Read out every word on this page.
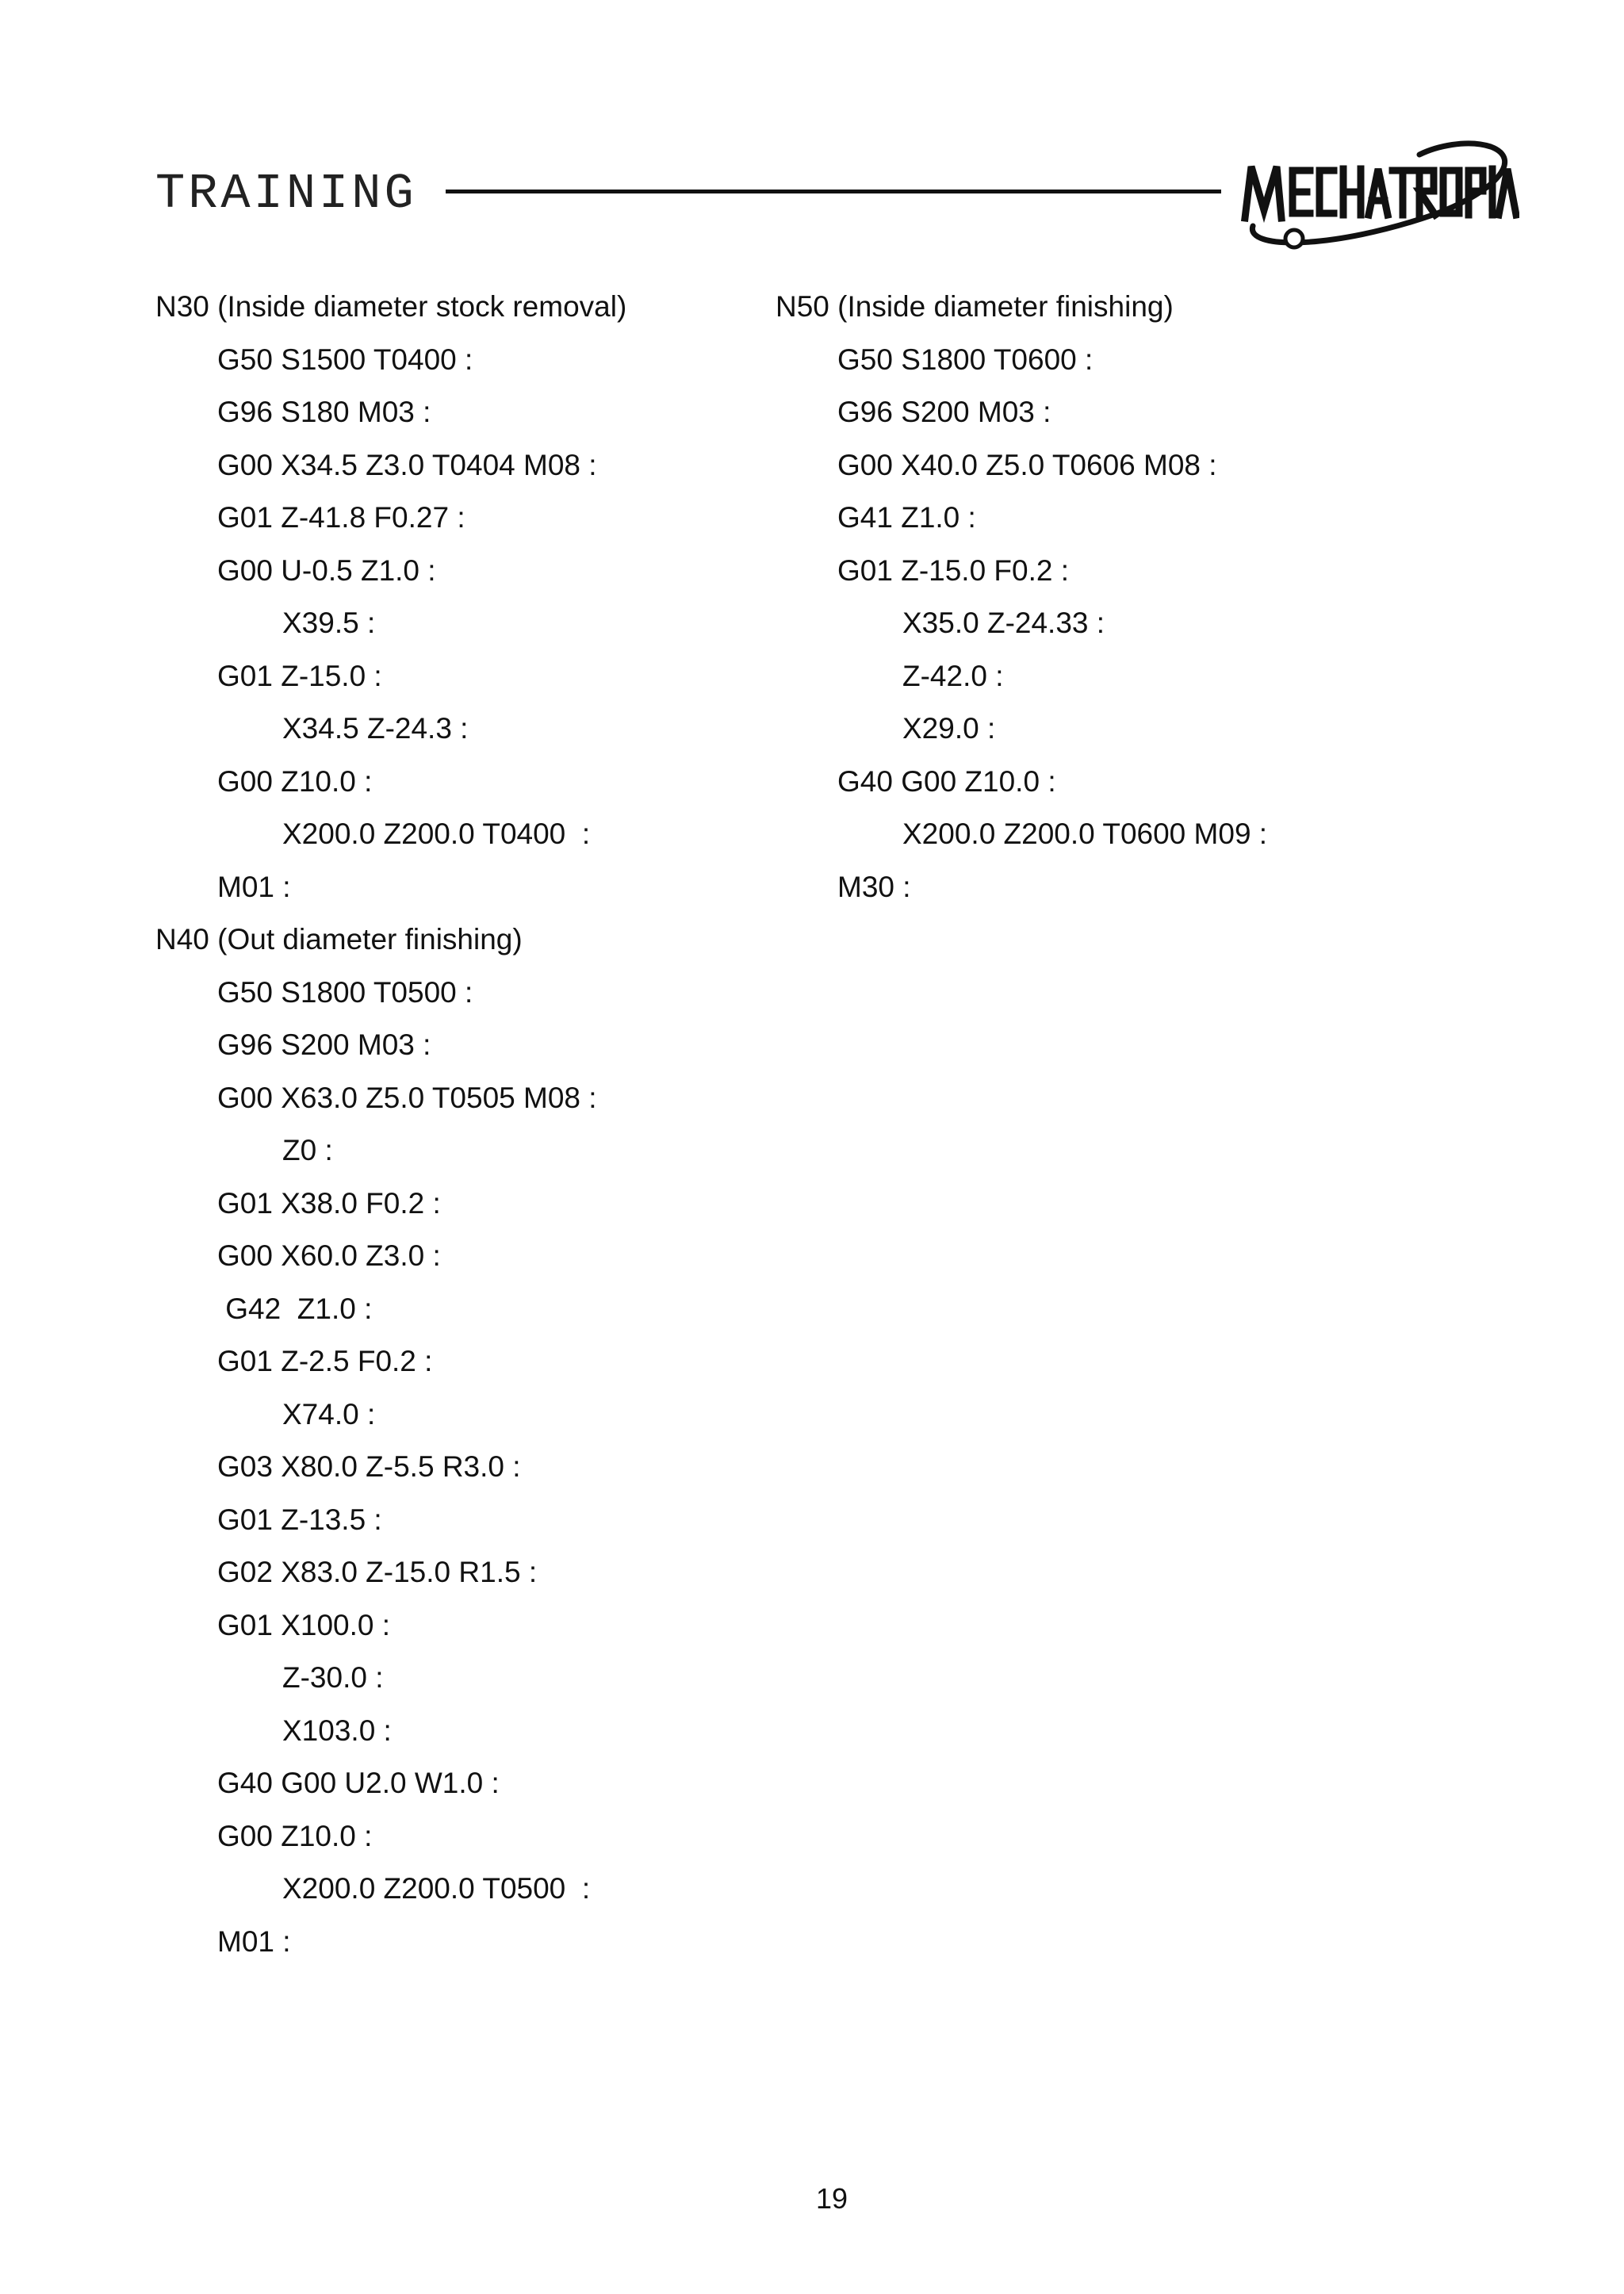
TRAINING
N30 (Inside diameter stock removal)
G50 S1500 T0400 :
G96 S180 M03 :
G00 X34.5 Z3.0 T0404 M08 :
G01 Z-41.8 F0.27 :
G00 U-0.5 Z1.0 :
X39.5 :
G01 Z-15.0 :
X34.5 Z-24.3 :
G00 Z10.0 :
X200.0 Z200.0 T0400  :
M01 :
N40 (Out diameter finishing)
G50 S1800 T0500 :
G96 S200 M03 :
G00 X63.0 Z5.0 T0505 M08 :
Z0 :
G01 X38.0 F0.2 :
G00 X60.0 Z3.0 :
G42  Z1.0 :
G01 Z-2.5 F0.2 :
X74.0 :
G03 X80.0 Z-5.5 R3.0 :
G01 Z-13.5 :
G02 X83.0 Z-15.0 R1.5 :
G01 X100.0 :
Z-30.0 :
X103.0 :
G40 G00 U2.0 W1.0 :
G00 Z10.0 :
X200.0 Z200.0 T0500  :
M01 :
N50 (Inside diameter finishing)
G50 S1800 T0600 :
G96 S200 M03 :
G00 X40.0 Z5.0 T0606 M08 :
G41 Z1.0 :
G01 Z-15.0 F0.2 :
X35.0 Z-24.33 :
Z-42.0 :
X29.0 :
G40 G00 Z10.0 :
X200.0 Z200.0 T0600 M09 :
M30 :
19
